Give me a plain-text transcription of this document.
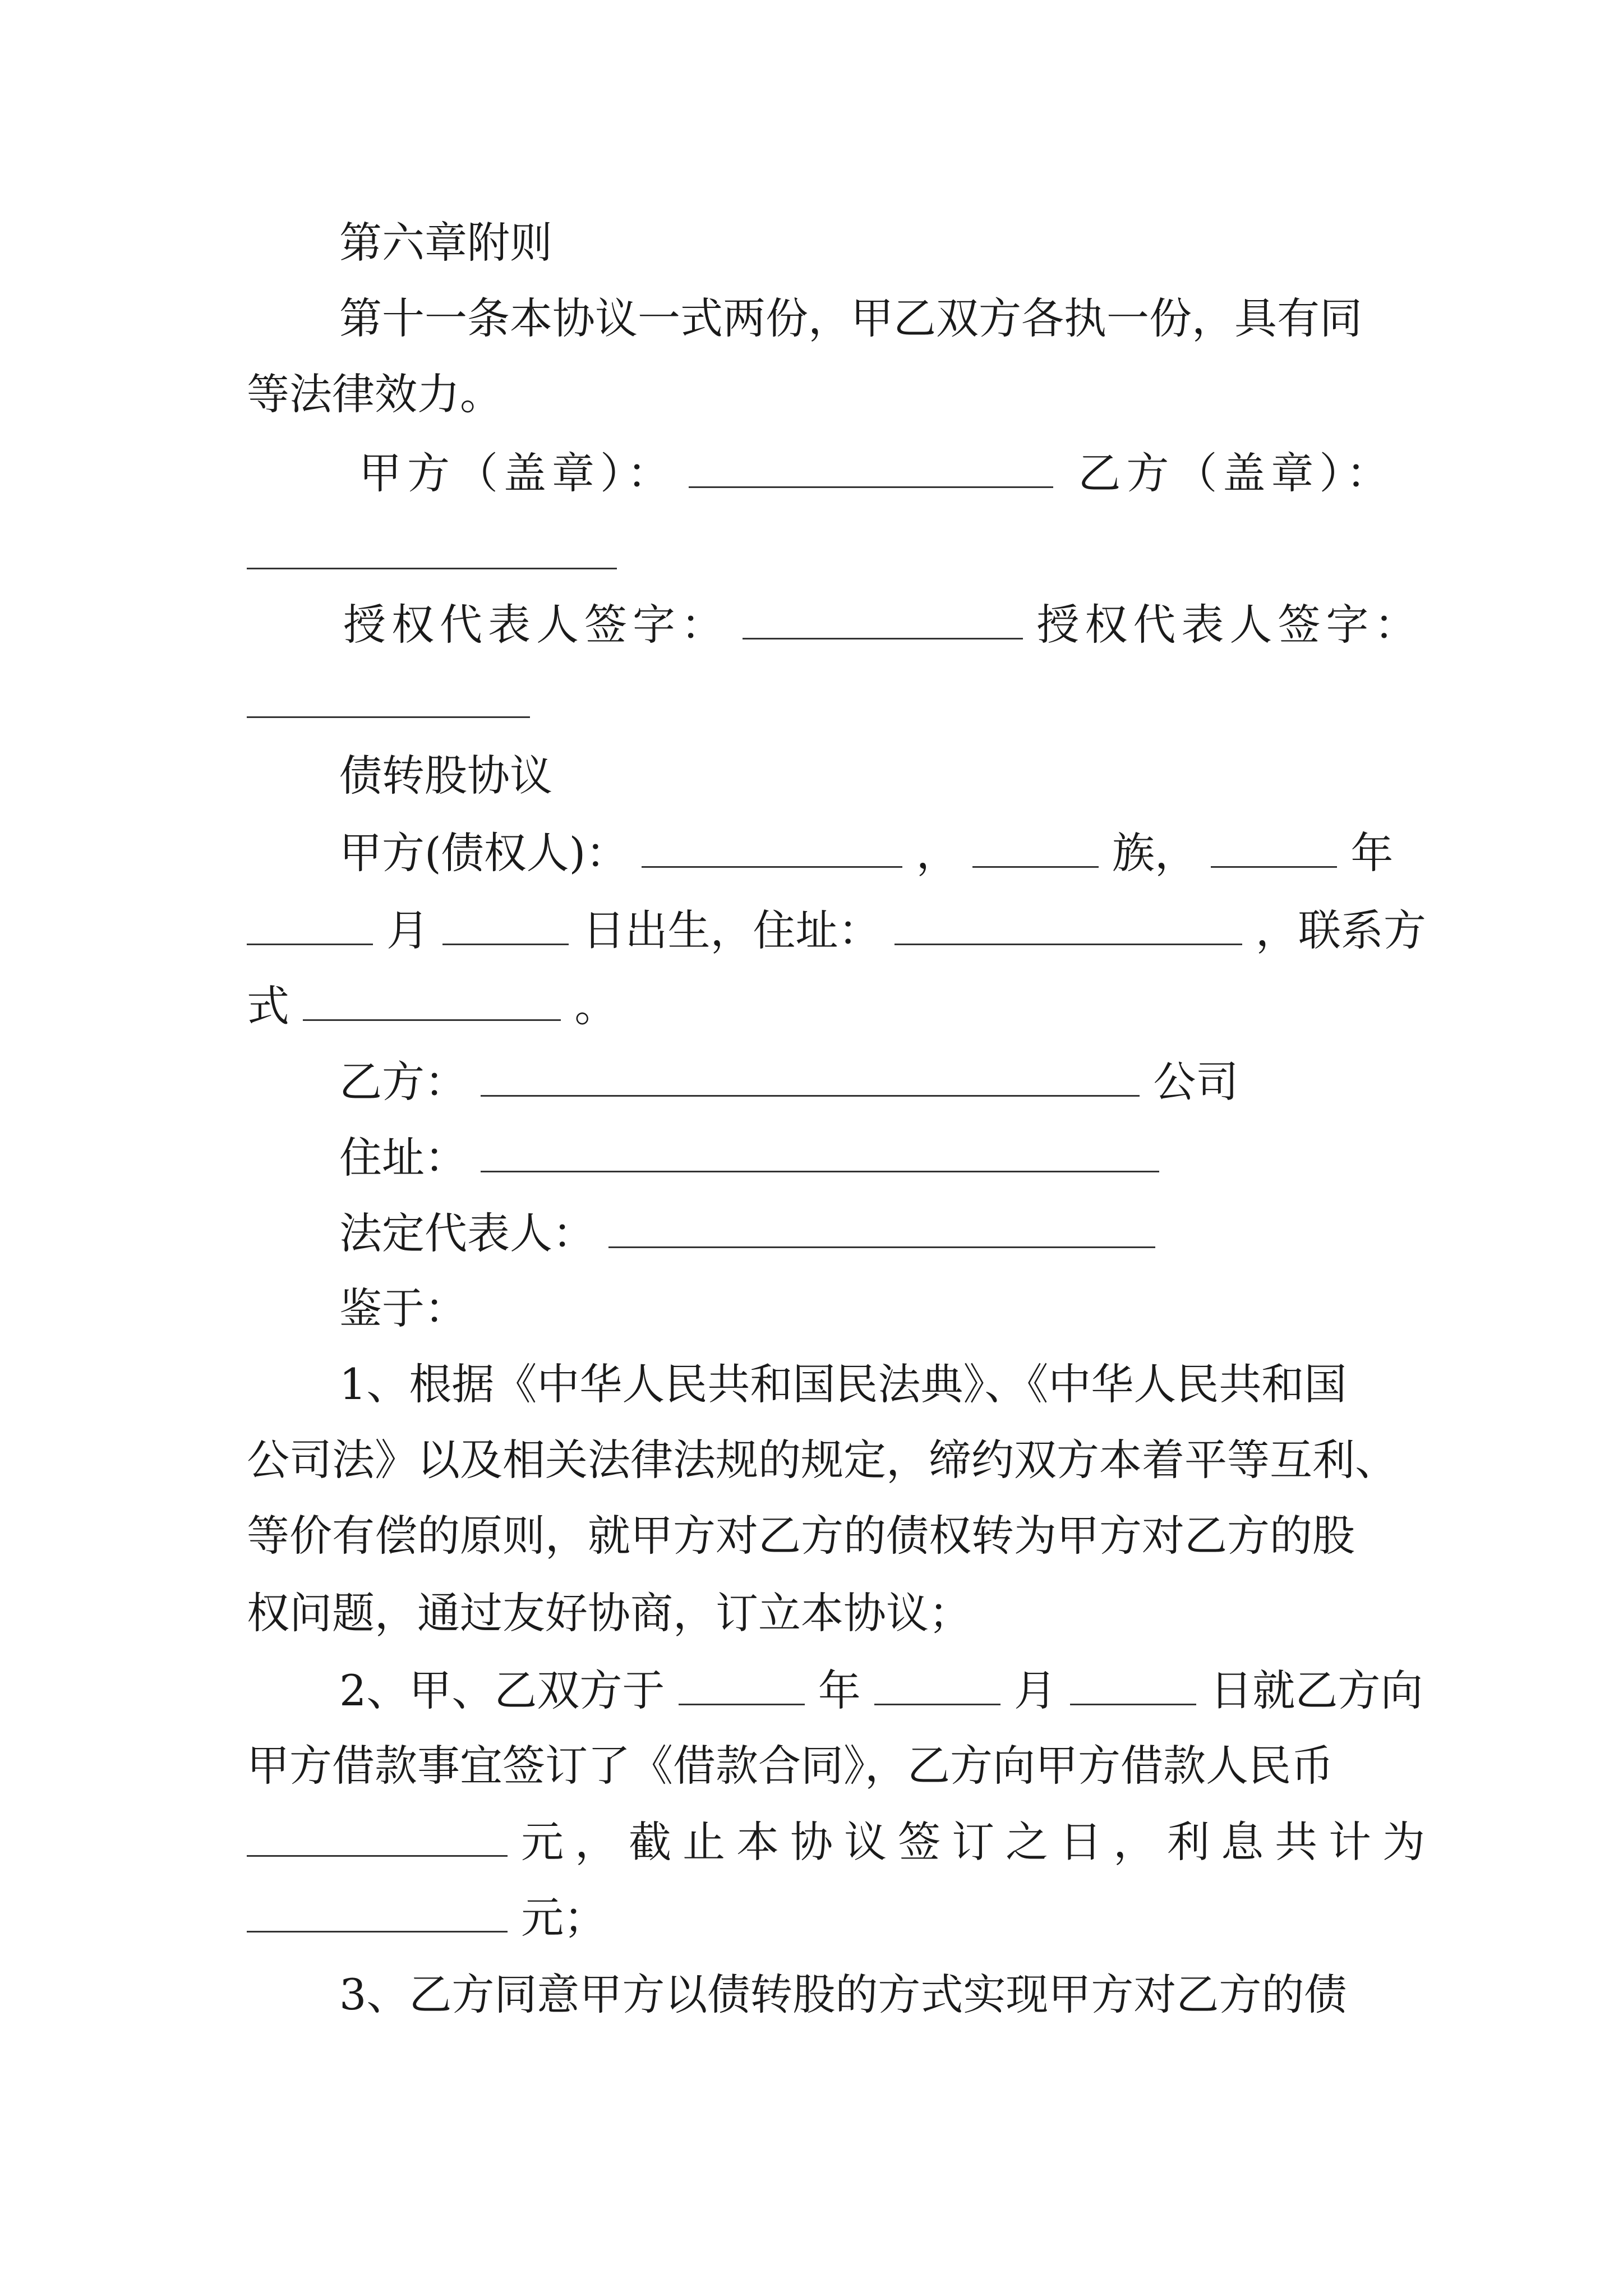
第六章附则
第十一条本协议一式两份，甲乙双方各执一份，具有同
等法律效力。
甲方（盖章）：	乙方（盖章）：
授权代表人签字：	授权代表人签字：
债转股协议
甲方(债权人)：	，	族，	年
月	日出生，住址：	，联系方
式	。
乙方：	公司
住址：
法定代表人：
鉴于：
1、根据《中华人民共和国民法典》、《中华人民共和国
公司法》以及相关法律法规的规定，缔约双方本着平等互利、
等价有偿的原则，就甲方对乙方的债权转为甲方对乙方的股
权问题，通过友好协商，订立本协议；
2、甲、乙双方于	年	月	日就乙方向
甲方借款事宜签订了《借款合同》，乙方向甲方借款人民币
元，截止本协议签订之日，利息共计为
元；
3、乙方同意甲方以债转股的方式实现甲方对乙方的债
